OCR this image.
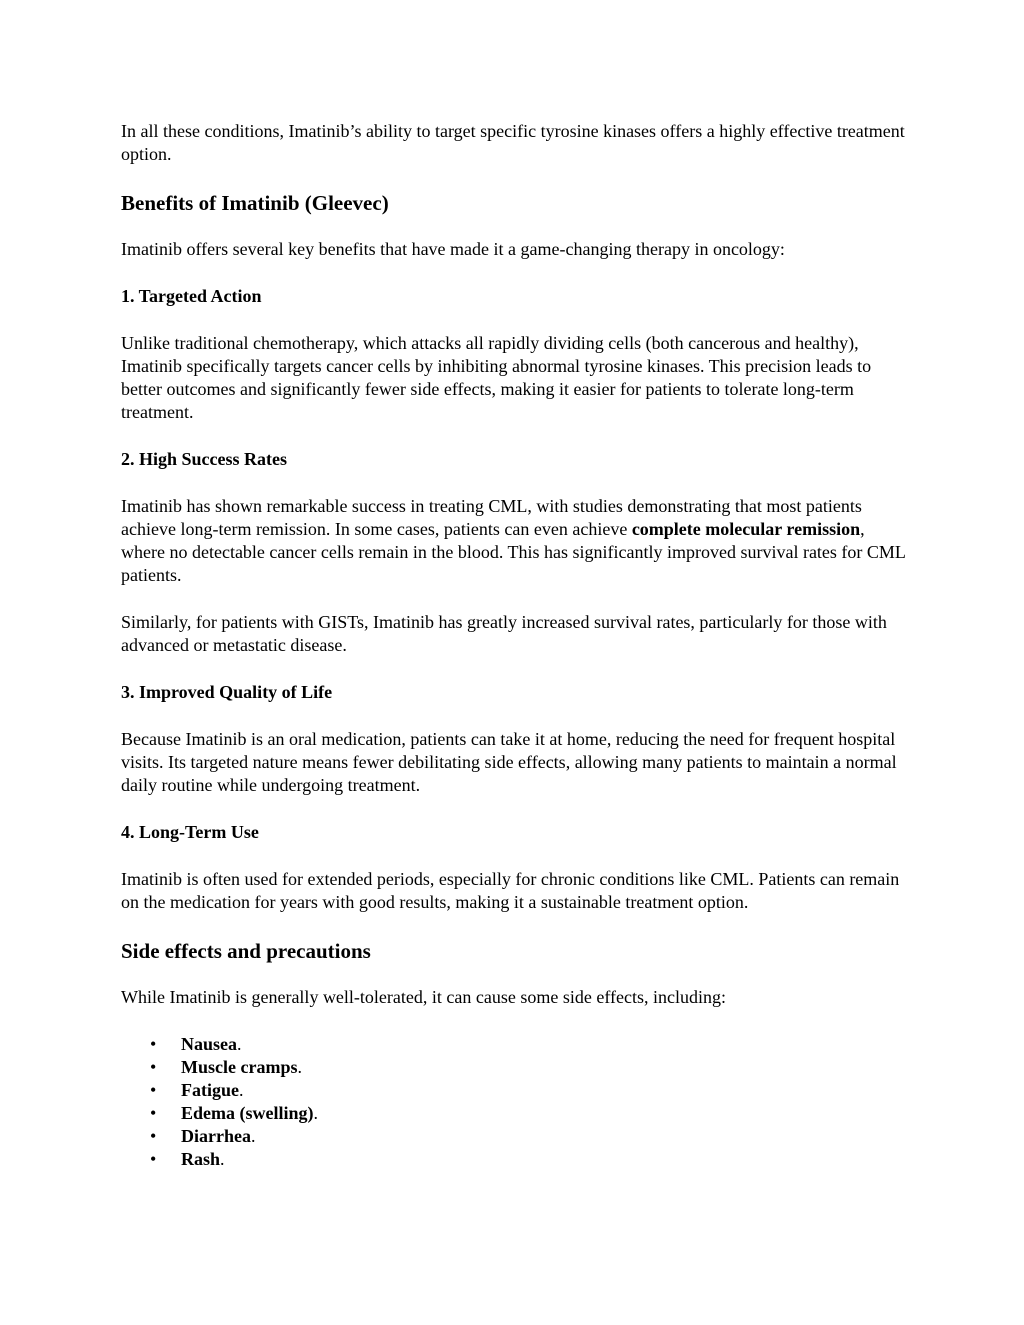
In all these conditions, Imatinib’s ability to target specific tyrosine kinases offers a highly effective treatment option.

Benefits of Imatinib (Gleevec)

Imatinib offers several key benefits that have made it a game-changing therapy in oncology:

1. Targeted Action

Unlike traditional chemotherapy, which attacks all rapidly dividing cells (both cancerous and healthy), Imatinib specifically targets cancer cells by inhibiting abnormal tyrosine kinases. This precision leads to better outcomes and significantly fewer side effects, making it easier for patients to tolerate long-term treatment.

2. High Success Rates

Imatinib has shown remarkable success in treating CML, with studies demonstrating that most patients achieve long-term remission. In some cases, patients can even achieve complete molecular remission, where no detectable cancer cells remain in the blood. This has significantly improved survival rates for CML patients.

Similarly, for patients with GISTs, Imatinib has greatly increased survival rates, particularly for those with advanced or metastatic disease.

3. Improved Quality of Life

Because Imatinib is an oral medication, patients can take it at home, reducing the need for frequent hospital visits. Its targeted nature means fewer debilitating side effects, allowing many patients to maintain a normal daily routine while undergoing treatment.

4. Long-Term Use

Imatinib is often used for extended periods, especially for chronic conditions like CML. Patients can remain on the medication for years with good results, making it a sustainable treatment option.

Side effects and precautions

While Imatinib is generally well-tolerated, it can cause some side effects, including:

• Nausea.
• Muscle cramps.
• Fatigue.
• Edema (swelling).
• Diarrhea.
• Rash.
